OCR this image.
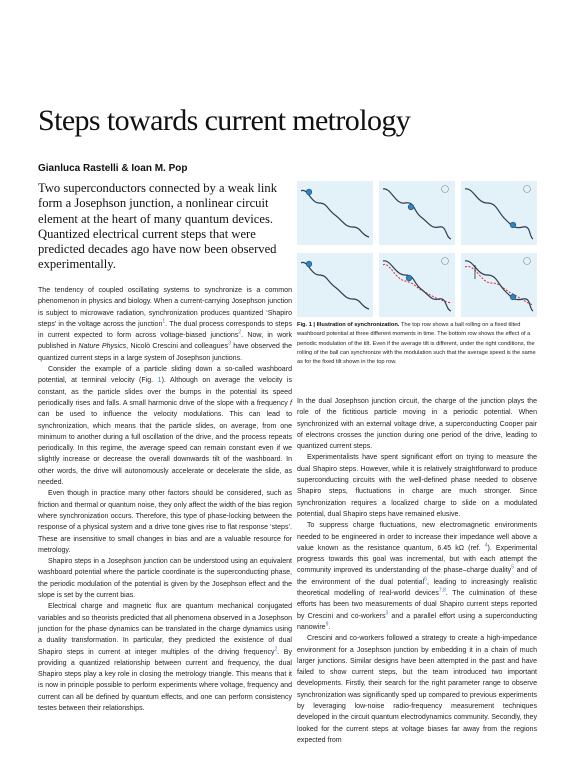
Steps towards current metrology
Gianluca Rastelli & Ioan M. Pop

Two superconductors connected by a weak link form a Josephson junction, a nonlinear circuit element at the heart of many quantum devices. Quantized electrical current steps that were predicted decades ago have now been observed experimentally.

The tendency of coupled oscillating systems to synchronize is a common phenomenon in physics and biology. When a current-carrying Josephson junction is subject to microwave radiation, synchronization produces quantized ‘Shapiro steps’ in the voltage across the junction$^1$. The dual process corresponds to steps in current expected to form across voltage-biased junctions$^2$. Now, in work published in Nature Physics, Nicolò Crescini and colleagues$^3$ have observed the quantized current steps in a large system of Josephson junctions.

Consider the example of a particle sliding down a so-called washboard potential, at terminal velocity (Fig. 1). Although on average the velocity is constant, as the particle slides over the bumps in the potential its speed periodically rises and falls. A small harmonic drive of the slope with a frequency f can be used to influence the velocity modulations. This can lead to synchronization, which means that the particle slides, on average, from one minimum to another during a full oscillation of the drive, and the process repeats periodically. In this regime, the average speed can remain constant even if we slightly increase or decrease the overall downwards tilt of the washboard. In other words, the drive will autonomously accelerate or decelerate the slide, as needed.

Even though in practice many other factors should be considered, such as friction and thermal or quantum noise, they only affect the width of the bias region where synchronization occurs. Therefore, this type of phase-locking between the response of a physical system and a drive tone gives rise to flat response ‘steps’. These are insensitive to small changes in bias and are a valuable resource for metrology.

Shapiro steps in a Josephson junction can be understood using an equivalent washboard potential where the particle coordinate is the superconducting phase, the periodic modulation of the potential is given by the Josephson effect and the slope is set by the current bias.

Electrical charge and magnetic flux are quantum mechanical conjugated variables and so theorists predicted that all phenomena observed in a Josephson junction for the phase dynamics can be translated in the charge dynamics using a duality transformation. In particular, they predicted the existence of dual Shapiro steps in current at integer multiples of the driving frequency$^2$. By providing a quantized relationship between current and frequency, the dual Shapiro steps play a key role in closing the metrology triangle. This means that it is now in principle possible to perform experiments where voltage, frequency and current can all be defined by quantum effects, and one can perform consistency testes between their relationships.

Fig. 1 | Illustration of synchronization. The top row shows a ball rolling on a fixed tilted washboard potential at three different moments in time. The bottom row shows the effect of a periodic modulation of the tilt. Even if the average tilt is different, under the right conditions, the rolling of the ball can synchronize with the modulation such that the average speed is the same as for the fixed tilt shown in the top row.

In the dual Josephson junction circuit, the charge of the junction plays the role of the fictitious particle moving in a periodic potential. When synchronized with an external voltage drive, a superconducting Cooper pair of electrons crosses the junction during one period of the drive, leading to quantized current steps.

Experimentalists have spent significant effort on trying to measure the dual Shapiro steps. However, while it is relatively straightforward to produce superconducting circuits with the well-defined phase needed to observe Shapiro steps, fluctuations in charge are much stronger. Since synchronization requires a localized charge to slide on a modulated potential, dual Shapiro steps have remained elusive.

To suppress charge fluctuations, new electromagnetic environments needed to be engineered in order to increase their impedance well above a value known as the resistance quantum, 6.45 kΩ (ref. $^4$). Experimental progress towards this goal was incremental, but with each attempt the community improved its understanding of the phase–charge duality$^5$ and of the environment of the dual potential$^6$, leading to increasingly realistic theoretical modelling of real-world devices$^{7,8}$. The culmination of these efforts has been two measurements of dual Shapiro current steps reported by Crescini and co-workers$^3$ and a parallel effort using a superconducting nanowire$^9$.

Crescini and co-workers followed a strategy to create a high-impedance environment for a Josephson junction by embedding it in a chain of much larger junctions. Similar designs have been attempted in the past and have failed to show current steps, but the team introduced two important developments. Firstly, their search for the right parameter range to observe synchronization was significantly sped up compared to previous experiments by leveraging low-noise radio-frequency measurement techniques developed in the circuit quantum electrodynamics community. Secondly, they looked for the current steps at voltage biases far away from the regions expected from
